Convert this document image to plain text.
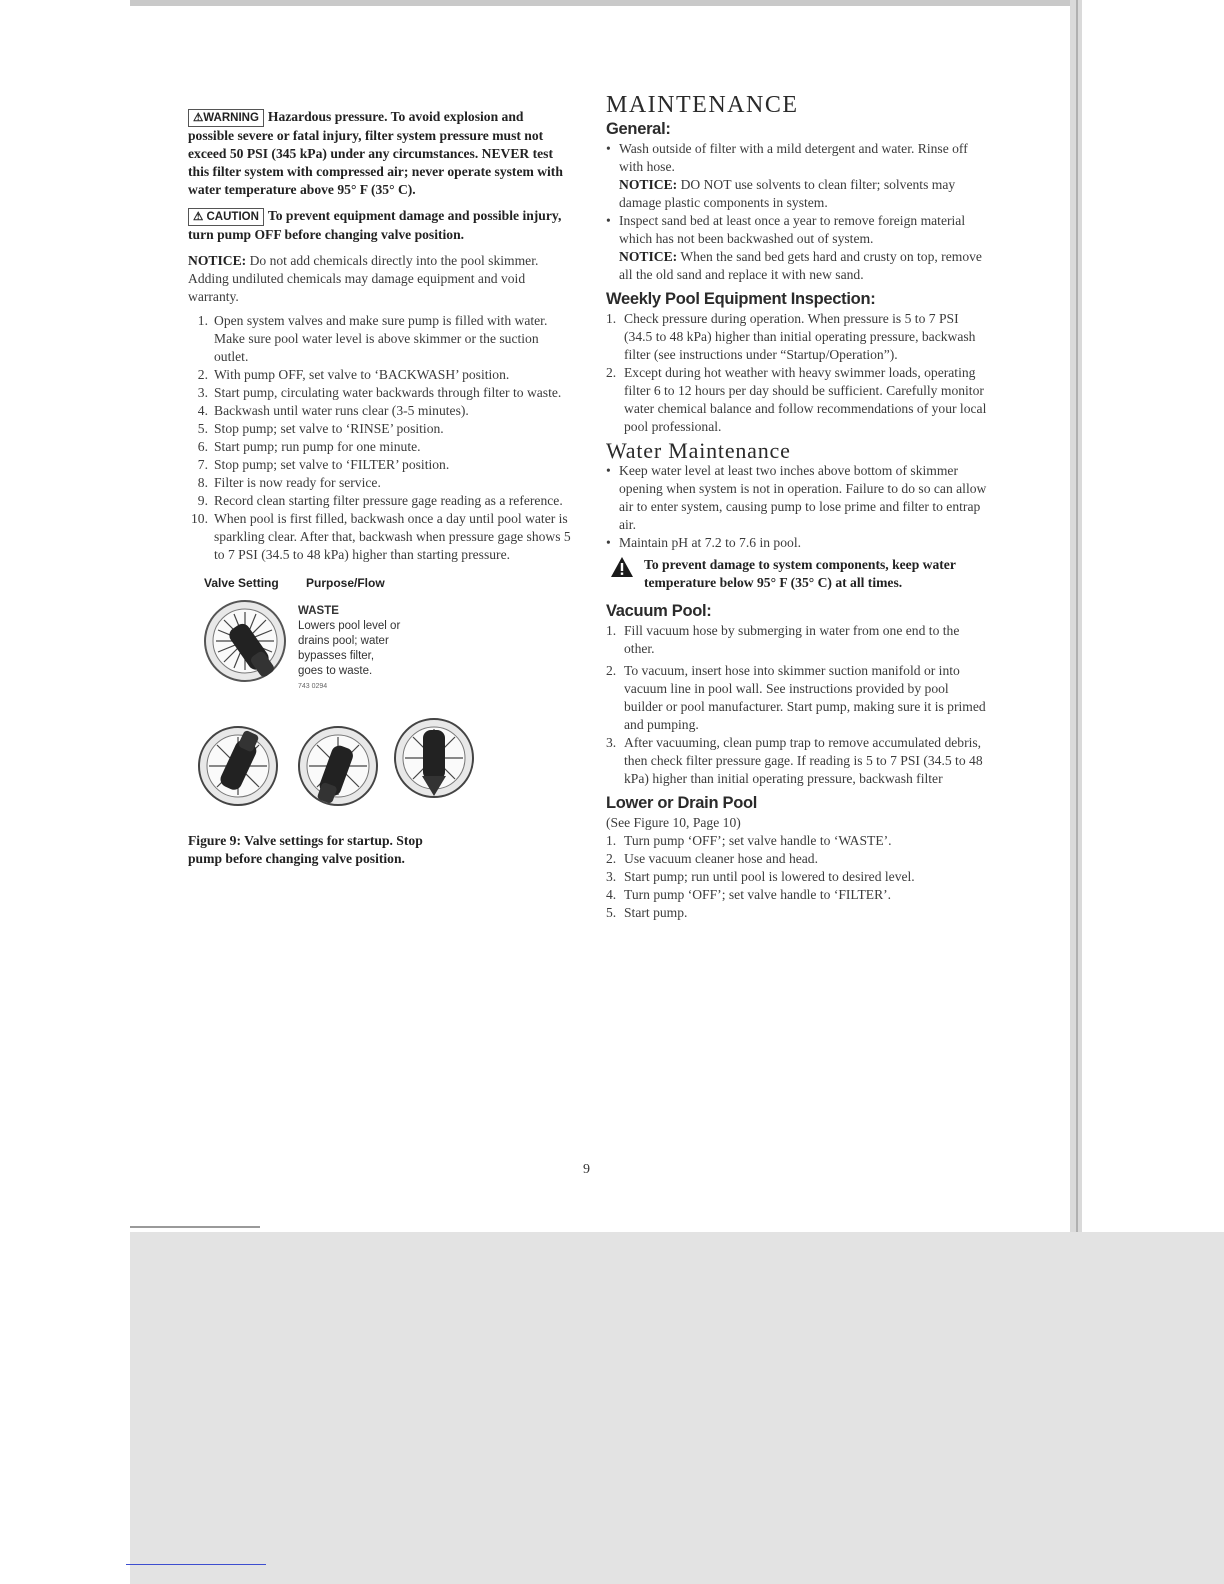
⚠WARNING Hazardous pressure. To avoid explosion and possible severe or fatal injury, filter system pressure must not exceed 50 PSI (345 kPa) under any circumstances. NEVER test this filter system with compressed air; never operate system with water temperature above 95° F (35° C).

⚠ CAUTION To prevent equipment damage and possible injury, turn pump OFF before changing valve position.

NOTICE: Do not add chemicals directly into the pool skimmer. Adding undiluted chemicals may damage equipment and void warranty.

1. Open system valves and make sure pump is filled with water.
Make sure pool water level is above skimmer or the suction outlet.
2. With pump OFF, set valve to ‘BACKWASH’ position.
3. Start pump, circulating water backwards through filter to waste.
4. Backwash until water runs clear (3-5 minutes).
5. Stop pump; set valve to ‘RINSE’ position.
6. Start pump; run pump for one minute.
7. Stop pump; set valve to ‘FILTER’ position.
8. Filter is now ready for service.
9. Record clean starting filter pressure gage reading as a reference.
10. When pool is first filled, backwash once a day until pool water is sparkling clear. After that, backwash when pressure gage shows 5 to 7 PSI (34.5 to 48 kPa) higher than starting pressure.
Valve Setting Purpose/Flow
WASTE
Lowers pool level or
drains pool; water
bypasses filter,
goes to waste.
743 0294

Figure 9: Valve settings for startup. Stop pump before changing valve position.

MAINTENANCE
General:
• Wash outside of filter with a mild detergent and water. Rinse off with hose.

NOTICE: DO NOT use solvents to clean filter; solvents may damage plastic components in system.

• Inspect sand bed at least once a year to remove foreign material which has not been backwashed out of system.

NOTICE: When the sand bed gets hard and crusty on top, remove all the old sand and replace it with new sand.

Weekly Pool Equipment Inspection:
1. Check pressure during operation. When pressure is 5 to 7 PSI (34.5 to 48 kPa) higher than initial operating pressure, backwash filter (see instructions under “Startup/Operation”).
2. Except during hot weather with heavy swimmer loads, operating filter 6 to 12 hours per day should be sufficient. Carefully monitor water chemical balance and follow recommendations of your local pool professional.
Water Maintenance
• Keep water level at least two inches above bottom of skimmer opening when system is not in operation. Failure to do so can allow air to enter system, causing pump to lose prime and filter to entrap air.
• Maintain pH at 7.2 to 7.6 in pool.
To prevent damage to system components, keep water temperature below 95° F (35° C) at all times.
Vacuum Pool:
1. Fill vacuum hose by submerging in water from one end to the other.
2. To vacuum, insert hose into skimmer suction manifold or into vacuum line in pool wall. See instructions provided by pool builder or pool manufacturer. Start pump, making sure it is primed and pumping.
3. After vacuuming, clean pump trap to remove accumulated debris, then check filter pressure gage. If reading is 5 to 7 PSI (34.5 to 48 kPa) higher than initial operating pressure, backwash filter
Lower or Drain Pool

(See Figure 10, Page 10)

1. Turn pump ‘OFF’; set valve handle to ‘WASTE’.
2. Use vacuum cleaner hose and head.
3. Start pump; run until pool is lowered to desired level.
4. Turn pump ‘OFF’; set valve handle to ‘FILTER’.
5. Start pump.
9
